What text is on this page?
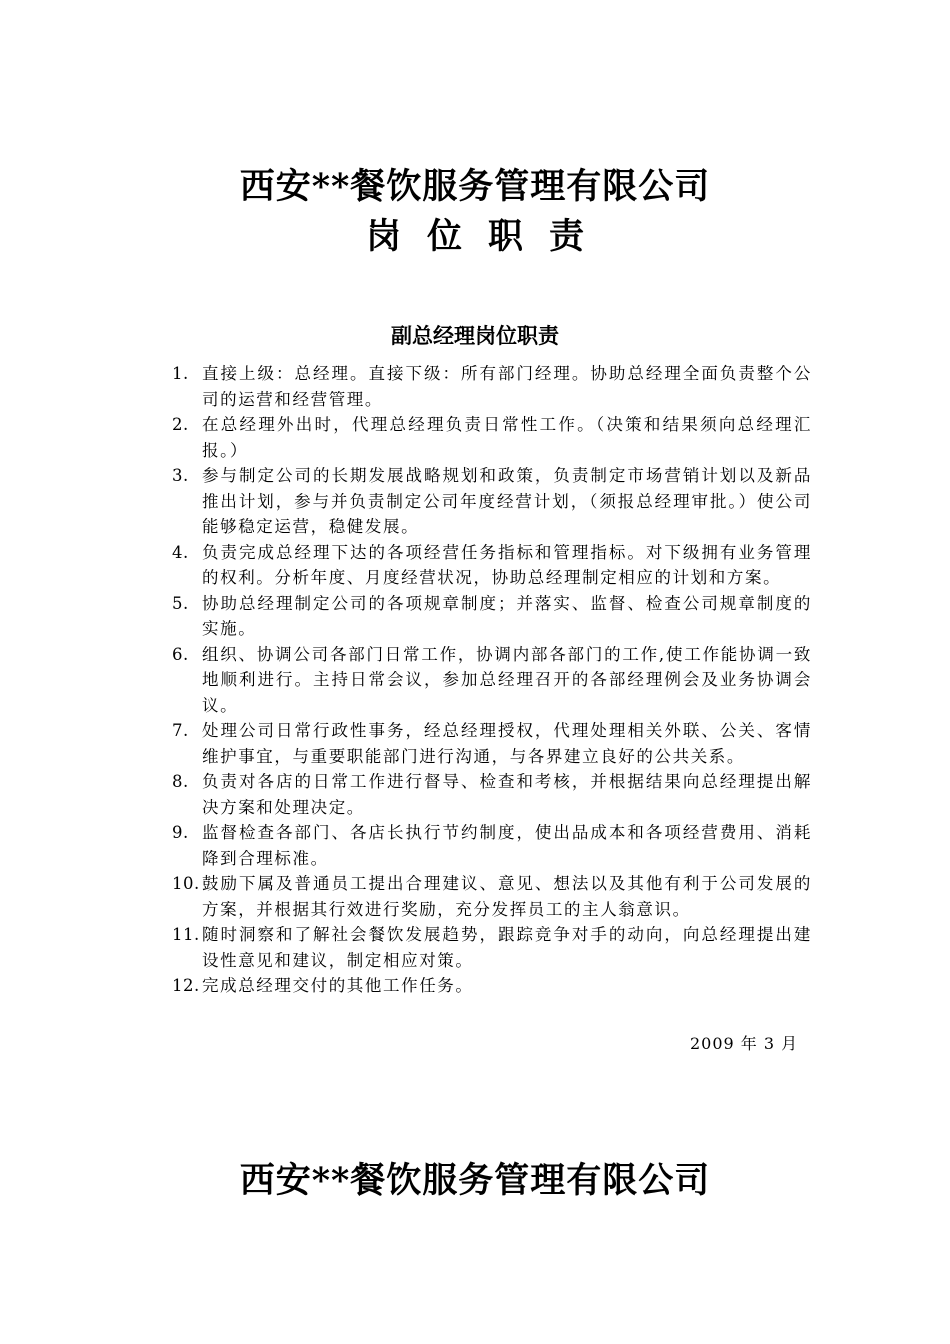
西安**餐饮服务管理有限公司
岗 位 职 责
副总经理岗位职责
1. 直接上级：总经理。直接下级：所有部门经理。协助总经理全面负责整个公司的运营和经营管理。
2. 在总经理外出时，代理总经理负责日常性工作。（决策和结果须向总经理汇报。）
3. 参与制定公司的长期发展战略规划和政策，负责制定市场营销计划以及新品推出计划，参与并负责制定公司年度经营计划，（须报总经理审批。）使公司能够稳定运营，稳健发展。
4. 负责完成总经理下达的各项经营任务指标和管理指标。对下级拥有业务管理的权利。分析年度、月度经营状况，协助总经理制定相应的计划和方案。
5. 协助总经理制定公司的各项规章制度；并落实、监督、检查公司规章制度的实施。
6. 组织、协调公司各部门日常工作，协调内部各部门的工作,使工作能协调一致地顺利进行。主持日常会议，参加总经理召开的各部经理例会及业务协调会议。
7. 处理公司日常行政性事务，经总经理授权，代理处理相关外联、公关、客情维护事宜，与重要职能部门进行沟通，与各界建立良好的公共关系。
8. 负责对各店的日常工作进行督导、检查和考核，并根据结果向总经理提出解决方案和处理决定。
9. 监督检查各部门、各店长执行节约制度，使出品成本和各项经营费用、消耗降到合理标准。
10. 鼓励下属及普通员工提出合理建议、意见、想法以及其他有利于公司发展的方案，并根据其行效进行奖励，充分发挥员工的主人翁意识。
11. 随时洞察和了解社会餐饮发展趋势，跟踪竞争对手的动向，向总经理提出建设性意见和建议，制定相应对策。
12. 完成总经理交付的其他工作任务。
2009 年 3 月
西安**餐饮服务管理有限公司
